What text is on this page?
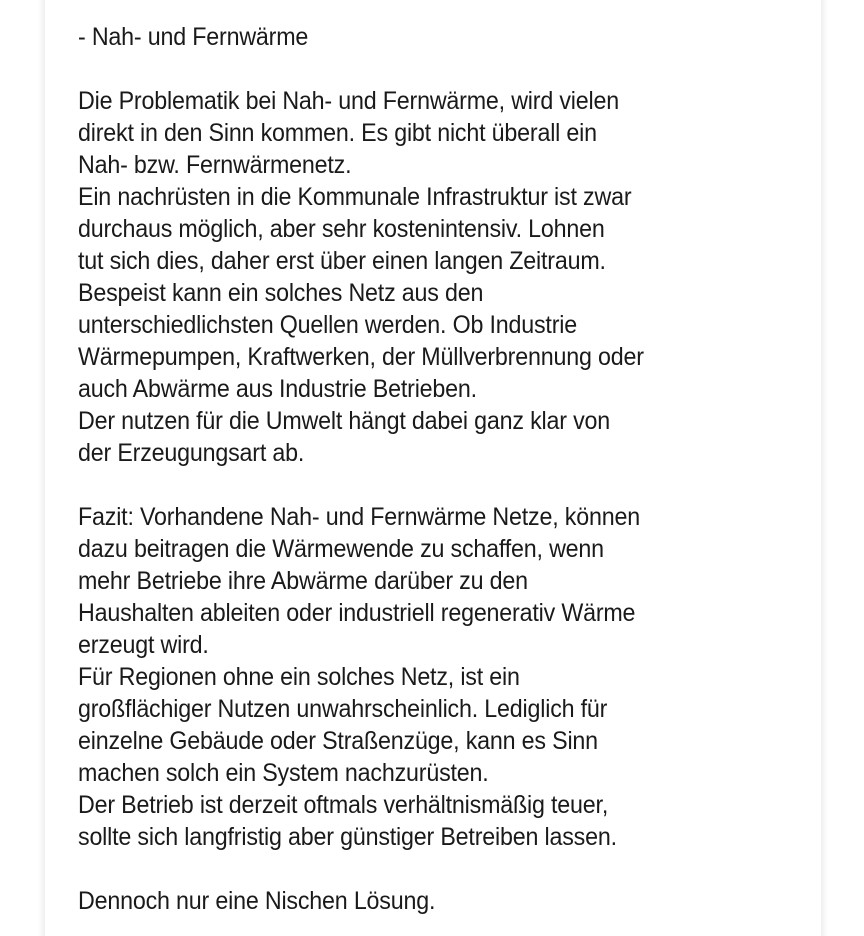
- Nah- und Fernwärme
Die Problematik bei Nah- und Fernwärme, wird vielen
direkt in den Sinn kommen. Es gibt nicht überall ein
Nah- bzw. Fernwärmenetz.
Ein nachrüsten in die Kommunale Infrastruktur ist zwar
durchaus möglich, aber sehr kostenintensiv. Lohnen
tut sich dies, daher erst über einen langen Zeitraum.
Bespeist kann ein solches Netz aus den
unterschiedlichsten Quellen werden. Ob Industrie
Wärmepumpen, Kraftwerken, der Müllverbrennung oder
auch Abwärme aus Industrie Betrieben.
Der nutzen für die Umwelt hängt dabei ganz klar von
der Erzeugungsart ab.
Fazit: Vorhandene Nah- und Fernwärme Netze, können
dazu beitragen die Wärmewende zu schaffen, wenn
mehr Betriebe ihre Abwärme darüber zu den
Haushalten ableiten oder industriell regenerativ Wärme
erzeugt wird.
Für Regionen ohne ein solches Netz, ist ein
großflächiger Nutzen unwahrscheinlich. Lediglich für
einzelne Gebäude oder Straßenzüge, kann es Sinn
machen solch ein System nachzurüsten.
Der Betrieb ist derzeit oftmals verhältnismäßig teuer,
sollte sich langfristig aber günstiger Betreiben lassen.
Dennoch nur eine Nischen Lösung.
